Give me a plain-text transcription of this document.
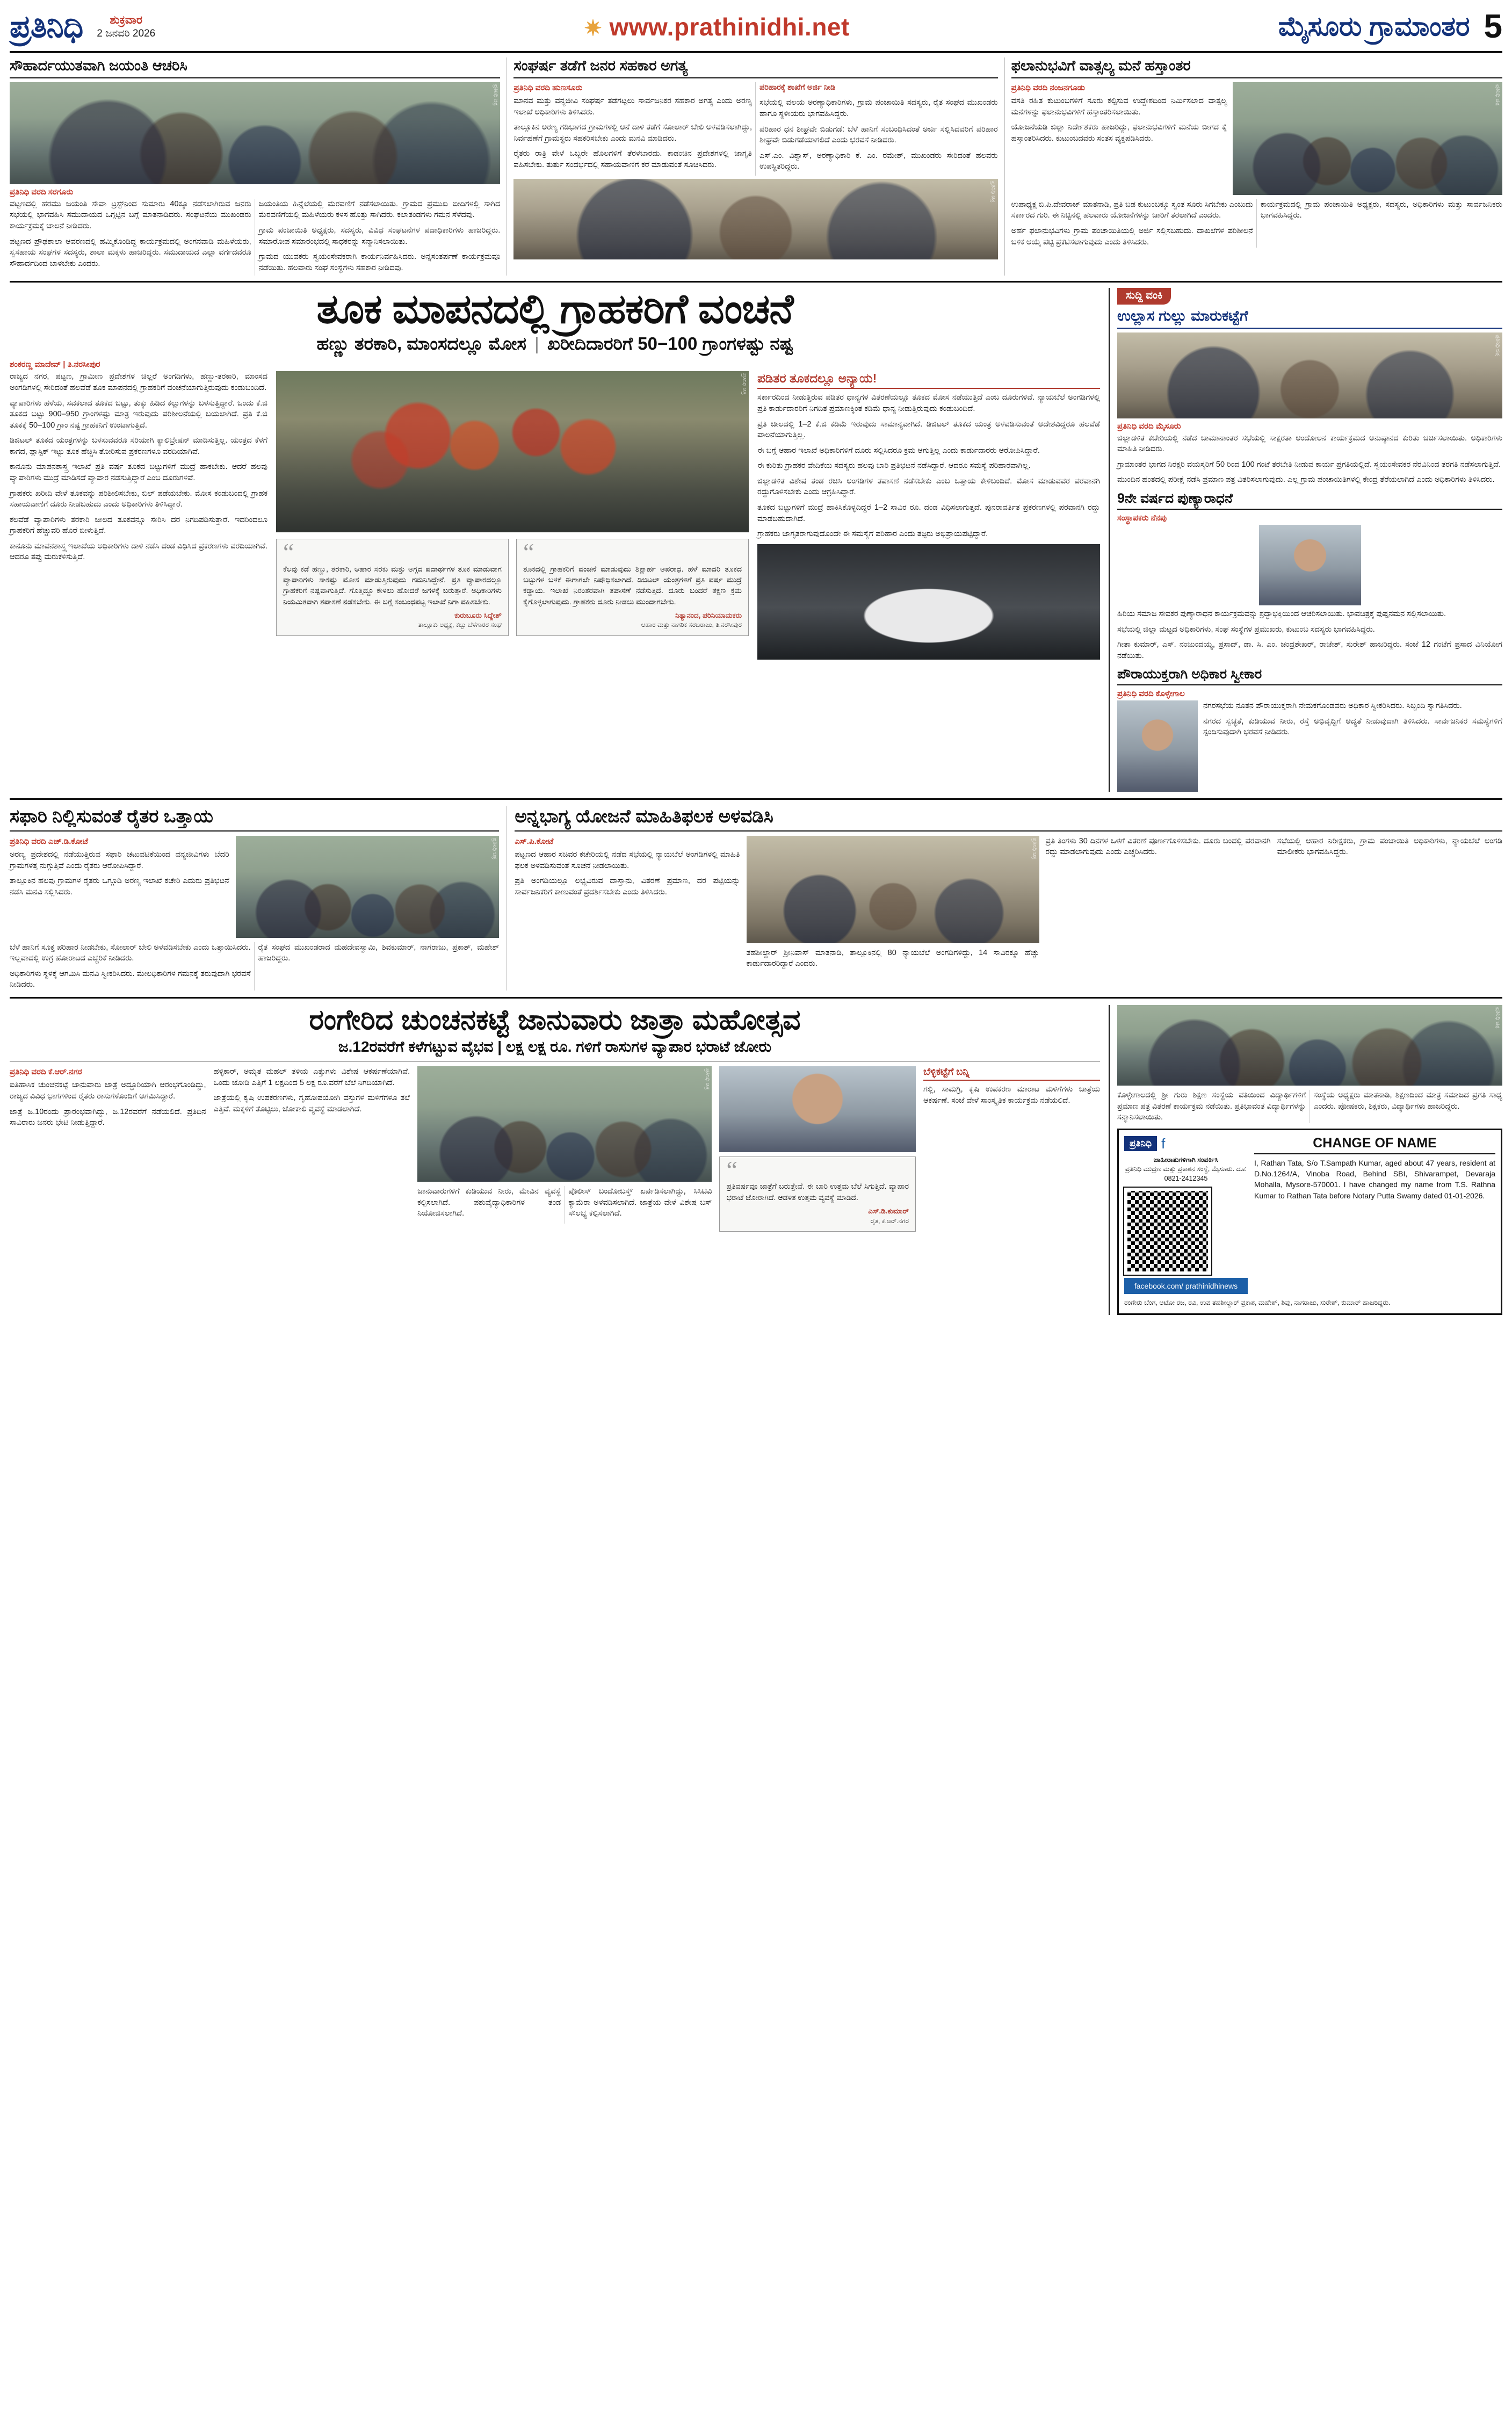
ಪ್ರತಿನಿಧಿ	ಶುಕ್ರವಾರ
2 ಜನವರಿ 2026	✷ www.prathinidhi.net	ಮೈಸೂರು ಗ್ರಾಮಾಂತರ 5
ಸೌಹಾರ್ದಯುತವಾಗಿ ಜಯಂತಿ ಆಚರಿಸಿ
ಪ್ರತಿನಿಧಿ ಚಿತ್ರ
ಪ್ರತಿನಿಧಿ ವರದಿ ಸರಗೂರು

ಪಟ್ಟಣದಲ್ಲಿ ಹರಮು ಜಯಂತಿ ಸೇವಾ ಟ್ರಸ್ಟ್‌ನಿಂದ ಸುಮಾರು 40ಕ್ಕೂ ನಡೆಸಲಾಗಿರುವ ಜನರು ಸಭೆಯಲ್ಲಿ ಭಾಗವಹಿಸಿ ಸಮುದಾಯದ ಒಗ್ಗಟ್ಟಿನ ಬಗ್ಗೆ ಮಾತನಾಡಿದರು. ಸಂಘಟನೆಯ ಮುಖಂಡರು ಕಾರ್ಯಕ್ರಮಕ್ಕೆ ಚಾಲನೆ ನೀಡಿದರು.

ಪಟ್ಟಣದ ಪ್ರೌಢಶಾಲಾ ಆವರಣದಲ್ಲಿ ಹಮ್ಮಿಕೊಂಡಿದ್ದ ಕಾರ್ಯಕ್ರಮದಲ್ಲಿ ಅಂಗನವಾಡಿ ಮಹಿಳೆಯರು, ಸ್ವಸಹಾಯ ಸಂಘಗಳ ಸದಸ್ಯರು, ಶಾಲಾ ಮಕ್ಕಳು ಹಾಜರಿದ್ದರು. ಸಮುದಾಯದ ಎಲ್ಲಾ ವರ್ಗದವರೂ ಸೌಹಾರ್ದದಿಂದ ಬಾಳಬೇಕು ಎಂದರು.

ಜಯಂತಿಯ ಹಿನ್ನೆಲೆಯಲ್ಲಿ ಮೆರವಣಿಗೆ ನಡೆಸಲಾಯಿತು. ಗ್ರಾಮದ ಪ್ರಮುಖ ಬೀದಿಗಳಲ್ಲಿ ಸಾಗಿದ ಮೆರವಣಿಗೆಯಲ್ಲಿ ಮಹಿಳೆಯರು ಕಳಸ ಹೊತ್ತು ಸಾಗಿದರು. ಕಲಾತಂಡಗಳು ಗಮನ ಸೆಳೆದವು.

ಗ್ರಾಮ ಪಂಚಾಯಿತಿ ಅಧ್ಯಕ್ಷರು, ಸದಸ್ಯರು, ವಿವಿಧ ಸಂಘಟನೆಗಳ ಪದಾಧಿಕಾರಿಗಳು ಹಾಜರಿದ್ದರು. ಸಮಾರೋಪ ಸಮಾರಂಭದಲ್ಲಿ ಸಾಧಕರನ್ನು ಸನ್ಮಾನಿಸಲಾಯಿತು.

ಗ್ರಾಮದ ಯುವಕರು ಸ್ವಯಂಸೇವಕರಾಗಿ ಕಾರ್ಯನಿರ್ವಹಿಸಿದರು. ಅನ್ನಸಂತರ್ಪಣೆ ಕಾರ್ಯಕ್ರಮವೂ ನಡೆಯಿತು. ಹಲವಾರು ಸಂಘ ಸಂಸ್ಥೆಗಳು ಸಹಕಾರ ನೀಡಿದವು.

ಸಂಘರ್ಷ ತಡೆಗೆ ಜನರ ಸಹಕಾರ ಅಗತ್ಯ
ಪ್ರತಿನಿಧಿ ವರದಿ ಹುಣಸೂರು

ಮಾನವ ಮತ್ತು ವನ್ಯಜೀವಿ ಸಂಘರ್ಷ ತಡೆಗಟ್ಟಲು ಸಾರ್ವಜನಿಕರ ಸಹಕಾರ ಅಗತ್ಯ ಎಂದು ಅರಣ್ಯ ಇಲಾಖೆ ಅಧಿಕಾರಿಗಳು ತಿಳಿಸಿದರು.

ತಾಲ್ಲೂಕಿನ ಅರಣ್ಯ ಗಡಿಭಾಗದ ಗ್ರಾಮಗಳಲ್ಲಿ ಆನೆ ದಾಳಿ ತಡೆಗೆ ಸೋಲಾರ್ ಬೇಲಿ ಅಳವಡಿಸಲಾಗಿದ್ದು, ನಿರ್ವಹಣೆಗೆ ಗ್ರಾಮಸ್ಥರು ಸಹಕರಿಸಬೇಕು ಎಂದು ಮನವಿ ಮಾಡಿದರು.

ರೈತರು ರಾತ್ರಿ ವೇಳೆ ಒಬ್ಬರೇ ಹೊಲಗಳಿಗೆ ತೆರಳಬಾರದು. ಕಾಡಂಚಿನ ಪ್ರದೇಶಗಳಲ್ಲಿ ಜಾಗೃತಿ ವಹಿಸಬೇಕು. ತುರ್ತು ಸಂದರ್ಭದಲ್ಲಿ ಸಹಾಯವಾಣಿಗೆ ಕರೆ ಮಾಡುವಂತೆ ಸೂಚಿಸಿದರು.

ಪರಿಹಾರಕ್ಕೆ ಶಾಖೆಗೆ ಅರ್ಜಿ ನೀಡಿ

ಸಭೆಯಲ್ಲಿ ವಲಯ ಅರಣ್ಯಾಧಿಕಾರಿಗಳು, ಗ್ರಾಮ ಪಂಚಾಯಿತಿ ಸದಸ್ಯರು, ರೈತ ಸಂಘದ ಮುಖಂಡರು ಹಾಗೂ ಸ್ಥಳೀಯರು ಭಾಗವಹಿಸಿದ್ದರು.

ಪರಿಹಾರ ಧನ ಶೀಘ್ರವೇ ಬಿಡುಗಡೆ: ಬೆಳೆ ಹಾನಿಗೆ ಸಂಬಂಧಿಸಿದಂತೆ ಅರ್ಜಿ ಸಲ್ಲಿಸಿದವರಿಗೆ ಪರಿಹಾರ ಶೀಘ್ರವೇ ಬಿಡುಗಡೆಯಾಗಲಿದೆ ಎಂದು ಭರವಸೆ ನೀಡಿದರು.

ಎಸ್.ಎಂ. ವಿಶ್ವಾಸ್, ಅರಣ್ಯಾಧಿಕಾರಿ ಕೆ. ಎಂ. ರಮೇಶ್, ಮುಖಂಡರು ಸೇರಿದಂತೆ ಹಲವರು ಉಪಸ್ಥಿತರಿದ್ದರು.

ಪ್ರತಿನಿಧಿ ಚಿತ್ರ
ಫಲಾನುಭವಿಗೆ ವಾತ್ಸಲ್ಯ ಮನೆ ಹಸ್ತಾಂತರ
ಪ್ರತಿನಿಧಿ ವರದಿ ನಂಜನಗೂಡು

ವಸತಿ ರಹಿತ ಕುಟುಂಬಗಳಿಗೆ ಸೂರು ಕಲ್ಪಿಸುವ ಉದ್ದೇಶದಿಂದ ನಿರ್ಮಿಸಲಾದ ವಾತ್ಸಲ್ಯ ಮನೆಗಳನ್ನು ಫಲಾನುಭವಿಗಳಿಗೆ ಹಸ್ತಾಂತರಿಸಲಾಯಿತು.

ಯೋಜನೆಯಡಿ ಜಿಲ್ಲಾ ನಿರ್ದೇಶಕರು ಹಾಜರಿದ್ದು, ಫಲಾನುಭವಿಗಳಿಗೆ ಮನೆಯ ಬೀಗದ ಕೈ ಹಸ್ತಾಂತರಿಸಿದರು. ಕುಟುಂಬದವರು ಸಂತಸ ವ್ಯಕ್ತಪಡಿಸಿದರು.

ಪ್ರತಿನಿಧಿ ಚಿತ್ರ

ಉಪಾಧ್ಯಕ್ಷ ಬಿ.ಪಿ.ದೇವರಾಜ್ ಮಾತನಾಡಿ, ಪ್ರತಿ ಬಡ ಕುಟುಂಬಕ್ಕೂ ಸ್ವಂತ ಸೂರು ಸಿಗಬೇಕು ಎಂಬುದು ಸರ್ಕಾರದ ಗುರಿ. ಈ ನಿಟ್ಟಿನಲ್ಲಿ ಹಲವಾರು ಯೋಜನೆಗಳನ್ನು ಜಾರಿಗೆ ತರಲಾಗಿದೆ ಎಂದರು.

ಅರ್ಹ ಫಲಾನುಭವಿಗಳು ಗ್ರಾಮ ಪಂಚಾಯಿತಿಯಲ್ಲಿ ಅರ್ಜಿ ಸಲ್ಲಿಸಬಹುದು. ದಾಖಲೆಗಳ ಪರಿಶೀಲನೆ ಬಳಿಕ ಆಯ್ಕೆ ಪಟ್ಟಿ ಪ್ರಕಟಿಸಲಾಗುವುದು ಎಂದು ತಿಳಿಸಿದರು.

ಕಾರ್ಯಕ್ರಮದಲ್ಲಿ ಗ್ರಾಮ ಪಂಚಾಯಿತಿ ಅಧ್ಯಕ್ಷರು, ಸದಸ್ಯರು, ಅಧಿಕಾರಿಗಳು ಮತ್ತು ಸಾರ್ವಜನಿಕರು ಭಾಗವಹಿಸಿದ್ದರು.

ತೂಕ ಮಾಪನದಲ್ಲಿ ಗ್ರಾಹಕರಿಗೆ ವಂಚನೆ
ಹಣ್ಣು ತರಕಾರಿ, ಮಾಂಸದಲ್ಲೂ ಮೋಸ | ಖರೀದಿದಾರರಿಗೆ 50−100 ಗ್ರಾಂಗಳಷ್ಟು ನಷ್ಟ
ಶಂಕರಣ್ಣ ಮಾದೇವ್ | ತಿ.ನರಸೀಪುರ

ರಾಜ್ಯದ ನಗರ, ಪಟ್ಟಣ, ಗ್ರಾಮೀಣ ಪ್ರದೇಶಗಳ ಚಿಲ್ಲರೆ ಅಂಗಡಿಗಳು, ಹಣ್ಣು-ತರಕಾರಿ, ಮಾಂಸದ ಅಂಗಡಿಗಳಲ್ಲಿ ಸೇರಿದಂತೆ ಹಲವೆಡೆ ತೂಕ ಮಾಪನದಲ್ಲಿ ಗ್ರಾಹಕರಿಗೆ ವಂಚನೆಯಾಗುತ್ತಿರುವುದು ಕಂಡುಬಂದಿದೆ.

ವ್ಯಾಪಾರಿಗಳು ಹಳೆಯ, ಸವಕಲಾದ ತೂಕದ ಬಟ್ಟು, ತುಕ್ಕು ಹಿಡಿದ ಕಲ್ಲುಗಳನ್ನು ಬಳಸುತ್ತಿದ್ದಾರೆ. ಒಂದು ಕೆ.ಜಿ ತೂಕದ ಬಟ್ಟು 900–950 ಗ್ರಾಂಗಳಷ್ಟು ಮಾತ್ರ ಇರುವುದು ಪರಿಶೀಲನೆಯಲ್ಲಿ ಬಯಲಾಗಿದೆ. ಪ್ರತಿ ಕೆ.ಜಿ ತೂಕಕ್ಕೆ 50–100 ಗ್ರಾಂ ನಷ್ಟ ಗ್ರಾಹಕನಿಗೆ ಉಂಟಾಗುತ್ತಿದೆ.

ಡಿಜಿಟಲ್ ತೂಕದ ಯಂತ್ರಗಳನ್ನು ಬಳಸುವವರೂ ಸರಿಯಾಗಿ ಕ್ಯಾಲಿಬ್ರೇಷನ್ ಮಾಡಿಸುತ್ತಿಲ್ಲ. ಯಂತ್ರದ ಕೆಳಗೆ ಕಾಗದ, ಪ್ಲಾಸ್ಟಿಕ್ ಇಟ್ಟು ತೂಕ ಹೆಚ್ಚಿಸಿ ತೋರಿಸುವ ಪ್ರಕರಣಗಳೂ ವರದಿಯಾಗಿವೆ.

ಕಾನೂನು ಮಾಪನಶಾಸ್ತ್ರ ಇಲಾಖೆ ಪ್ರತಿ ವರ್ಷ ತೂಕದ ಬಟ್ಟುಗಳಿಗೆ ಮುದ್ರೆ ಹಾಕಬೇಕು. ಆದರೆ ಹಲವು ವ್ಯಾಪಾರಿಗಳು ಮುದ್ರೆ ಮಾಡಿಸದೆ ವ್ಯಾಪಾರ ನಡೆಸುತ್ತಿದ್ದಾರೆ ಎಂಬ ದೂರುಗಳಿವೆ.

ಗ್ರಾಹಕರು ಖರೀದಿ ವೇಳೆ ತೂಕವನ್ನು ಪರಿಶೀಲಿಸಬೇಕು, ಬಿಲ್ ಪಡೆಯಬೇಕು. ಮೋಸ ಕಂಡುಬಂದಲ್ಲಿ ಗ್ರಾಹಕ ಸಹಾಯವಾಣಿಗೆ ದೂರು ನೀಡಬಹುದು ಎಂದು ಅಧಿಕಾರಿಗಳು ತಿಳಿಸಿದ್ದಾರೆ.

ಕೆಲವೆಡೆ ವ್ಯಾಪಾರಿಗಳು ತರಕಾರಿ ಚೀಲದ ತೂಕವನ್ನೂ ಸೇರಿಸಿ ದರ ನಿಗದಿಪಡಿಸುತ್ತಾರೆ. ಇದರಿಂದಲೂ ಗ್ರಾಹಕರಿಗೆ ಹೆಚ್ಚುವರಿ ಹೊರೆ ಬೀಳುತ್ತಿದೆ.

ಕಾನೂನು ಮಾಪನಶಾಸ್ತ್ರ ಇಲಾಖೆಯ ಅಧಿಕಾರಿಗಳು ದಾಳಿ ನಡೆಸಿ ದಂಡ ವಿಧಿಸಿದ ಪ್ರಕರಣಗಳು ವರದಿಯಾಗಿವೆ. ಆದರೂ ತಪ್ಪು ಮರುಕಳಿಸುತ್ತಿದೆ.

ಪ್ರತಿನಿಧಿ ಚಿತ್ರ
“
ಕೆಲವು ಕಡೆ ಹಣ್ಣು, ತರಕಾರಿ, ಆಹಾರ ಸರಕು ಮತ್ತು ಅಗ್ಗದ ಪದಾರ್ಥಗಳ ತೂಕ ಮಾಡುವಾಗ ವ್ಯಾಪಾರಿಗಳು ಸಾಕಷ್ಟು ಮೋಸ ಮಾಡುತ್ತಿರುವುದು ಗಮನಿಸಿದ್ದೇನೆ. ಪ್ರತಿ ವ್ಯಾಪಾರದಲ್ಲೂ ಗ್ರಾಹಕರಿಗೆ ನಷ್ಟವಾಗುತ್ತಿದೆ. ಗೊತ್ತಿದ್ದೂ ಕೇಳಲು ಹೋದರೆ ಜಗಳಕ್ಕೆ ಬರುತ್ತಾರೆ. ಅಧಿಕಾರಿಗಳು ನಿಯಮಿತವಾಗಿ ತಪಾಸಣೆ ನಡೆಸಬೇಕು. ಈ ಬಗ್ಗೆ ಸಂಬಂಧಪಟ್ಟ ಇಲಾಖೆ ನಿಗಾ ವಹಿಸಬೇಕು.
ಕುರುಬೂರು ಸಿದ್ದೇಶ್
ತಾಲ್ಲೂಕು ಅಧ್ಯಕ್ಷ, ಕಬ್ಬು ಬೆಳೆಗಾರರ ಸಂಘ
“
ತೂಕದಲ್ಲಿ ಗ್ರಾಹಕರಿಗೆ ವಂಚನೆ ಮಾಡುವುದು ಶಿಕ್ಷಾರ್ಹ ಅಪರಾಧ. ಹಳೆ ಮಾದರಿ ತೂಕದ ಬಟ್ಟುಗಳ ಬಳಕೆ ಈಗಾಗಲೇ ನಿಷೇಧಿಸಲಾಗಿದೆ. ಡಿಜಿಟಲ್ ಯಂತ್ರಗಳಿಗೆ ಪ್ರತಿ ವರ್ಷ ಮುದ್ರೆ ಕಡ್ಡಾಯ. ಇಲಾಖೆ ನಿರಂತರವಾಗಿ ತಪಾಸಣೆ ನಡೆಸುತ್ತಿದೆ. ದೂರು ಬಂದರೆ ತಕ್ಷಣ ಕ್ರಮ ಕೈಗೊಳ್ಳಲಾಗುವುದು. ಗ್ರಾಹಕರು ದೂರು ನೀಡಲು ಮುಂದಾಗಬೇಕು.
ನಿತ್ಯಾನಂದ, ಪರಿನಿಯಾಮಕರು
ಆಹಾರ ಮತ್ತು ನಾಗರಿಕ ಸರಬರಾಜು, ತಿ.ನರಸೀಪುರ
ಪಡಿತರ ತೂಕದಲ್ಲೂ ಅನ್ಯಾಯ!

ಸರ್ಕಾರದಿಂದ ನೀಡುತ್ತಿರುವ ಪಡಿತರ ಧಾನ್ಯಗಳ ವಿತರಣೆಯಲ್ಲೂ ತೂಕದ ಮೋಸ ನಡೆಯುತ್ತಿದೆ ಎಂಬ ದೂರುಗಳಿವೆ. ನ್ಯಾಯಬೆಲೆ ಅಂಗಡಿಗಳಲ್ಲಿ ಪ್ರತಿ ಕಾರ್ಡುದಾರರಿಗೆ ನಿಗದಿತ ಪ್ರಮಾಣಕ್ಕಿಂತ ಕಡಿಮೆ ಧಾನ್ಯ ನೀಡುತ್ತಿರುವುದು ಕಂಡುಬಂದಿದೆ.

ಪ್ರತಿ ಚೀಲದಲ್ಲಿ 1–2 ಕೆ.ಜಿ ಕಡಿಮೆ ಇರುವುದು ಸಾಮಾನ್ಯವಾಗಿದೆ. ಡಿಜಿಟಲ್ ತೂಕದ ಯಂತ್ರ ಅಳವಡಿಸುವಂತೆ ಆದೇಶವಿದ್ದರೂ ಹಲವೆಡೆ ಪಾಲನೆಯಾಗುತ್ತಿಲ್ಲ.

ಈ ಬಗ್ಗೆ ಆಹಾರ ಇಲಾಖೆ ಅಧಿಕಾರಿಗಳಿಗೆ ದೂರು ಸಲ್ಲಿಸಿದರೂ ಕ್ರಮ ಆಗುತ್ತಿಲ್ಲ ಎಂದು ಕಾರ್ಡುದಾರರು ಆರೋಪಿಸಿದ್ದಾರೆ.

ಈ ಕುರಿತು ಗ್ರಾಹಕರ ವೇದಿಕೆಯ ಸದಸ್ಯರು ಹಲವು ಬಾರಿ ಪ್ರತಿಭಟನೆ ನಡೆಸಿದ್ದಾರೆ. ಆದರೂ ಸಮಸ್ಯೆ ಪರಿಹಾರವಾಗಿಲ್ಲ.

ಜಿಲ್ಲಾಡಳಿತ ವಿಶೇಷ ತಂಡ ರಚಿಸಿ ಅಂಗಡಿಗಳ ತಪಾಸಣೆ ನಡೆಸಬೇಕು ಎಂಬ ಒತ್ತಾಯ ಕೇಳಿಬಂದಿದೆ. ಮೋಸ ಮಾಡುವವರ ಪರವಾನಗಿ ರದ್ದುಗೊಳಿಸಬೇಕು ಎಂದು ಆಗ್ರಹಿಸಿದ್ದಾರೆ.

ತೂಕದ ಬಟ್ಟುಗಳಿಗೆ ಮುದ್ರೆ ಹಾಕಿಸಿಕೊಳ್ಳದಿದ್ದರೆ 1–2 ಸಾವಿರ ರೂ. ದಂಡ ವಿಧಿಸಲಾಗುತ್ತದೆ. ಪುನರಾವರ್ತಿತ ಪ್ರಕರಣಗಳಲ್ಲಿ ಪರವಾನಗಿ ರದ್ದು ಮಾಡಬಹುದಾಗಿದೆ.

ಗ್ರಾಹಕರು ಜಾಗೃತರಾಗುವುದೊಂದೇ ಈ ಸಮಸ್ಯೆಗೆ ಪರಿಹಾರ ಎಂದು ತಜ್ಞರು ಅಭಿಪ್ರಾಯಪಟ್ಟಿದ್ದಾರೆ.

ಸುದ್ದಿ ವಂಕಿ
ಉಲ್ಲಾಸ ಗುಲ್ಲು ಮಾರುಕಟ್ಟೆಗೆ
ಪ್ರತಿನಿಧಿ ಚಿತ್ರ
ಪ್ರತಿನಿಧಿ ವರದಿ ಮೈಸೂರು

ಜಿಲ್ಲಾಡಳಿತ ಕಚೇರಿಯಲ್ಲಿ ನಡೆದ ಜಾಮಾನಾಂತರ ಸಭೆಯಲ್ಲಿ ಸಾಕ್ಷರತಾ ಆಂದೋಲನ ಕಾರ್ಯಕ್ರಮದ ಅನುಷ್ಠಾನದ ಕುರಿತು ಚರ್ಚಿಸಲಾಯಿತು. ಅಧಿಕಾರಿಗಳು ಮಾಹಿತಿ ನೀಡಿದರು.

ಗ್ರಾಮಾಂತರ ಭಾಗದ ನಿರಕ್ಷರಿ ವಯಸ್ಕರಿಗೆ 50 ರಿಂದ 100 ಗಂಟೆ ತರಬೇತಿ ನೀಡುವ ಕಾರ್ಯ ಪ್ರಗತಿಯಲ್ಲಿದೆ. ಸ್ವಯಂಸೇವಕರ ನೆರವಿನಿಂದ ತರಗತಿ ನಡೆಸಲಾಗುತ್ತಿದೆ.

ಮುಂದಿನ ಹಂತದಲ್ಲಿ ಪರೀಕ್ಷೆ ನಡೆಸಿ ಪ್ರಮಾಣ ಪತ್ರ ವಿತರಿಸಲಾಗುವುದು. ಎಲ್ಲ ಗ್ರಾಮ ಪಂಚಾಯಿತಿಗಳಲ್ಲಿ ಕೇಂದ್ರ ತೆರೆಯಲಾಗಿದೆ ಎಂದು ಅಧಿಕಾರಿಗಳು ತಿಳಿಸಿದರು.

9ನೇ ವರ್ಷದ ಪುಣ್ಯಾರಾಧನೆ
ಸಂಸ್ಥಾಪಕರು ನೆನಪು

ಹಿರಿಯ ಸಮಾಜ ಸೇವಕರ ಪುಣ್ಯಾರಾಧನೆ ಕಾರ್ಯಕ್ರಮವನ್ನು ಶ್ರದ್ಧಾಭಕ್ತಿಯಿಂದ ಆಚರಿಸಲಾಯಿತು. ಭಾವಚಿತ್ರಕ್ಕೆ ಪುಷ್ಪನಮನ ಸಲ್ಲಿಸಲಾಯಿತು.

ಸಭೆಯಲ್ಲಿ ಜಿಲ್ಲಾ ಮಟ್ಟದ ಅಧಿಕಾರಿಗಳು, ಸಂಘ ಸಂಸ್ಥೆಗಳ ಪ್ರಮುಖರು, ಕುಟುಂಬ ಸದಸ್ಯರು ಭಾಗವಹಿಸಿದ್ದರು.

ಗೀತಾ ಕುಮಾರ್, ಎಸ್. ನಂಜುಂದಯ್ಯ, ಪ್ರಸಾದ್, ಡಾ. ಸಿ. ಎಂ. ಚಂದ್ರಶೇಖರ್, ರಾಜೇಶ್, ಸುರೇಶ್ ಹಾಜರಿದ್ದರು. ಸಂಜೆ 12 ಗಂಟೆಗೆ ಪ್ರಸಾದ ವಿನಿಯೋಗ ನಡೆಯಿತು.

ಪೌರಾಯುಕ್ತರಾಗಿ ಅಧಿಕಾರ ಸ್ವೀಕಾರ
ಪ್ರತಿನಿಧಿ ವರದಿ ಕೊಳ್ಳೇಗಾಲ

ನಗರಸಭೆಯ ನೂತನ ಪೌರಾಯುಕ್ತರಾಗಿ ನೇಮಕಗೊಂಡವರು ಅಧಿಕಾರ ಸ್ವೀಕರಿಸಿದರು. ಸಿಬ್ಬಂದಿ ಸ್ವಾಗತಿಸಿದರು.

ನಗರದ ಸ್ವಚ್ಛತೆ, ಕುಡಿಯುವ ನೀರು, ರಸ್ತೆ ಅಭಿವೃದ್ಧಿಗೆ ಆದ್ಯತೆ ನೀಡುವುದಾಗಿ ತಿಳಿಸಿದರು. ಸಾರ್ವಜನಿಕರ ಸಮಸ್ಯೆಗಳಿಗೆ ಸ್ಪಂದಿಸುವುದಾಗಿ ಭರವಸೆ ನೀಡಿದರು.

ಸಫಾರಿ ನಿಲ್ಲಿಸುವಂತೆ ರೈತರ ಒತ್ತಾಯ
ಪ್ರತಿನಿಧಿ ವರದಿ ಎಚ್.ಡಿ.ಕೋಟೆ

ಅರಣ್ಯ ಪ್ರದೇಶದಲ್ಲಿ ನಡೆಯುತ್ತಿರುವ ಸಫಾರಿ ಚಟುವಟಿಕೆಯಿಂದ ವನ್ಯಜೀವಿಗಳು ಬೆದರಿ ಗ್ರಾಮಗಳತ್ತ ನುಗ್ಗುತ್ತಿವೆ ಎಂದು ರೈತರು ಆರೋಪಿಸಿದ್ದಾರೆ.

ತಾಲ್ಲೂಕಿನ ಹಲವು ಗ್ರಾಮಗಳ ರೈತರು ಒಗ್ಗೂಡಿ ಅರಣ್ಯ ಇಲಾಖೆ ಕಚೇರಿ ಎದುರು ಪ್ರತಿಭಟನೆ ನಡೆಸಿ ಮನವಿ ಸಲ್ಲಿಸಿದರು.

ಪ್ರತಿನಿಧಿ ಚಿತ್ರ

ಬೆಳೆ ಹಾನಿಗೆ ಸೂಕ್ತ ಪರಿಹಾರ ನೀಡಬೇಕು, ಸೋಲಾರ್ ಬೇಲಿ ಅಳವಡಿಸಬೇಕು ಎಂದು ಒತ್ತಾಯಿಸಿದರು. ಇಲ್ಲವಾದಲ್ಲಿ ಉಗ್ರ ಹೋರಾಟದ ಎಚ್ಚರಿಕೆ ನೀಡಿದರು.

ಅಧಿಕಾರಿಗಳು ಸ್ಥಳಕ್ಕೆ ಆಗಮಿಸಿ ಮನವಿ ಸ್ವೀಕರಿಸಿದರು. ಮೇಲಧಿಕಾರಿಗಳ ಗಮನಕ್ಕೆ ತರುವುದಾಗಿ ಭರವಸೆ ನೀಡಿದರು.

ರೈತ ಸಂಘದ ಮುಖಂಡರಾದ ಮಹದೇವಸ್ವಾಮಿ, ಶಿವಕುಮಾರ್, ನಾಗರಾಜು, ಪ್ರಕಾಶ್, ಮಹೇಶ್ ಹಾಜರಿದ್ದರು.

ಅನ್ನಭಾಗ್ಯ ಯೋಜನೆ ಮಾಹಿತಿಫಲಕ ಅಳವಡಿಸಿ
ಎಸ್.ಪಿ.ಕೋಟೆ

ಪಟ್ಟಣದ ಆಹಾರ ಸಚಿವರ ಕಚೇರಿಯಲ್ಲಿ ನಡೆದ ಸಭೆಯಲ್ಲಿ ನ್ಯಾಯಬೆಲೆ ಅಂಗಡಿಗಳಲ್ಲಿ ಮಾಹಿತಿ ಫಲಕ ಅಳವಡಿಸುವಂತೆ ಸೂಚನೆ ನೀಡಲಾಯಿತು.

ಪ್ರತಿ ಅಂಗಡಿಯಲ್ಲೂ ಲಭ್ಯವಿರುವ ದಾಸ್ತಾನು, ವಿತರಣೆ ಪ್ರಮಾಣ, ದರ ಪಟ್ಟಿಯನ್ನು ಸಾರ್ವಜನಿಕರಿಗೆ ಕಾಣುವಂತೆ ಪ್ರದರ್ಶಿಸಬೇಕು ಎಂದು ತಿಳಿಸಿದರು.

ಪ್ರತಿನಿಧಿ ಚಿತ್ರ

ತಹಶೀಲ್ದಾರ್ ಶ್ರೀನಿವಾಸ್ ಮಾತನಾಡಿ, ತಾಲ್ಲೂಕಿನಲ್ಲಿ 80 ನ್ಯಾಯಬೆಲೆ ಅಂಗಡಿಗಳಿದ್ದು, 14 ಸಾವಿರಕ್ಕೂ ಹೆಚ್ಚು ಕಾರ್ಡುದಾರರಿದ್ದಾರೆ ಎಂದರು.

ಪ್ರತಿ ತಿಂಗಳು 30 ದಿನಗಳ ಒಳಗೆ ವಿತರಣೆ ಪೂರ್ಣಗೊಳಿಸಬೇಕು. ದೂರು ಬಂದಲ್ಲಿ ಪರವಾನಗಿ ರದ್ದು ಮಾಡಲಾಗುವುದು ಎಂದು ಎಚ್ಚರಿಸಿದರು.

ಸಭೆಯಲ್ಲಿ ಆಹಾರ ನಿರೀಕ್ಷಕರು, ಗ್ರಾಮ ಪಂಚಾಯಿತಿ ಅಧಿಕಾರಿಗಳು, ನ್ಯಾಯಬೆಲೆ ಅಂಗಡಿ ಮಾಲೀಕರು ಭಾಗವಹಿಸಿದ್ದರು.

ರಂಗೇರಿದ ಚುಂಚನಕಟ್ಟೆ ಜಾನುವಾರು ಜಾತ್ರಾ ಮಹೋತ್ಸವ
ಜ.12ರವರೆಗೆ ಕಳೆಗಟ್ಟುವ ವೈಭವ | ಲಕ್ಷ ಲಕ್ಷ ರೂ. ಗಳಿಗೆ ರಾಸುಗಳ ವ್ಯಾಪಾರ ಭರಾಟೆ ಜೋರು
ಪ್ರತಿನಿಧಿ ವರದಿ ಕೆ.ಆರ್.ನಗರ

ಐತಿಹಾಸಿಕ ಚುಂಚನಕಟ್ಟೆ ಜಾನುವಾರು ಜಾತ್ರೆ ಅದ್ಧೂರಿಯಾಗಿ ಆರಂಭಗೊಂಡಿದ್ದು, ರಾಜ್ಯದ ವಿವಿಧ ಭಾಗಗಳಿಂದ ರೈತರು ರಾಸುಗಳೊಂದಿಗೆ ಆಗಮಿಸಿದ್ದಾರೆ.

ಜಾತ್ರೆ ಜ.10ರಂದು ಪ್ರಾರಂಭವಾಗಿದ್ದು, ಜ.12ರವರೆಗೆ ನಡೆಯಲಿದೆ. ಪ್ರತಿದಿನ ಸಾವಿರಾರು ಜನರು ಭೇಟಿ ನೀಡುತ್ತಿದ್ದಾರೆ.

ಹಳ್ಳಿಕಾರ್, ಅಮೃತ ಮಹಲ್ ತಳಿಯ ಎತ್ತುಗಳು ವಿಶೇಷ ಆಕರ್ಷಣೆಯಾಗಿವೆ. ಒಂದು ಜೋಡಿ ಎತ್ತಿಗೆ 1 ಲಕ್ಷದಿಂದ 5 ಲಕ್ಷ ರೂ.ವರೆಗೆ ಬೆಲೆ ನಿಗದಿಯಾಗಿದೆ.

ಜಾತ್ರೆಯಲ್ಲಿ ಕೃಷಿ ಉಪಕರಣಗಳು, ಗೃಹೋಪಯೋಗಿ ವಸ್ತುಗಳ ಮಳಿಗೆಗಳೂ ತಲೆ ಎತ್ತಿವೆ. ಮಕ್ಕಳಿಗೆ ತೊಟ್ಟಿಲು, ಜೋಕಾಲಿ ವ್ಯವಸ್ಥೆ ಮಾಡಲಾಗಿದೆ.

ಪ್ರತಿನಿಧಿ ಚಿತ್ರ

ಜಾನುವಾರುಗಳಿಗೆ ಕುಡಿಯುವ ನೀರು, ಮೇವಿನ ವ್ಯವಸ್ಥೆ ಕಲ್ಪಿಸಲಾಗಿದೆ. ಪಶುವೈದ್ಯಾಧಿಕಾರಿಗಳ ತಂಡ ನಿಯೋಜಿಸಲಾಗಿದೆ.

ಪೊಲೀಸ್ ಬಂದೋಬಸ್ತ್ ಏರ್ಪಡಿಸಲಾಗಿದ್ದು, ಸಿಸಿಟಿವಿ ಕ್ಯಾಮೆರಾ ಅಳವಡಿಸಲಾಗಿದೆ. ಜಾತ್ರೆಯ ವೇಳೆ ವಿಶೇಷ ಬಸ್ ಸೌಲಭ್ಯ ಕಲ್ಪಿಸಲಾಗಿದೆ.

“
ಪ್ರತಿವರ್ಷವೂ ಜಾತ್ರೆಗೆ ಬರುತ್ತೇವೆ. ಈ ಬಾರಿ ಉತ್ತಮ ಬೆಲೆ ಸಿಗುತ್ತಿದೆ. ವ್ಯಾಪಾರ ಭರಾಟೆ ಜೋರಾಗಿದೆ. ಆಡಳಿತ ಉತ್ತಮ ವ್ಯವಸ್ಥೆ ಮಾಡಿದೆ.
ಎಸ್.ಡಿ.ಕುಮಾರ್
ರೈತ, ಕೆ.ಆರ್.ನಗರ
ಬೆಳ್ಳಿಕಟ್ಟೆಗೆ ಬನ್ನಿ
ಗಲ್ಲಿ, ಸಾಮಗ್ರಿ, ಕೃಷಿ ಉಪಕರಣ ಮಾರಾಟ ಮಳಿಗೆಗಳು ಜಾತ್ರೆಯ ಆಕರ್ಷಣೆ. ಸಂಜೆ ವೇಳೆ ಸಾಂಸ್ಕೃತಿಕ ಕಾರ್ಯಕ್ರಮ ನಡೆಯಲಿದೆ.
ಪ್ರತಿನಿಧಿ ಚಿತ್ರ

ಕೊಳ್ಳೇಗಾಲದಲ್ಲಿ ಶ್ರೀ ಗುರು ಶಿಕ್ಷಣ ಸಂಸ್ಥೆಯ ವತಿಯಿಂದ ವಿದ್ಯಾರ್ಥಿಗಳಿಗೆ ಪ್ರಮಾಣ ಪತ್ರ ವಿತರಣೆ ಕಾರ್ಯಕ್ರಮ ನಡೆಯಿತು. ಪ್ರತಿಭಾವಂತ ವಿದ್ಯಾರ್ಥಿಗಳನ್ನು ಸನ್ಮಾನಿಸಲಾಯಿತು.

ಸಂಸ್ಥೆಯ ಅಧ್ಯಕ್ಷರು ಮಾತನಾಡಿ, ಶಿಕ್ಷಣದಿಂದ ಮಾತ್ರ ಸಮಾಜದ ಪ್ರಗತಿ ಸಾಧ್ಯ ಎಂದರು. ಪೋಷಕರು, ಶಿಕ್ಷಕರು, ವಿದ್ಯಾರ್ಥಿಗಳು ಹಾಜರಿದ್ದರು.

ಪ್ರತಿನಿಧಿ f
ಜಾಹೀರಾತುಗಳಿಗಾಗಿ ಸಂಪರ್ಕಿಸಿ
ಪ್ರತಿನಿಧಿ ಮುದ್ರಣ ಮತ್ತು ಪ್ರಕಾಶನ ಸಂಸ್ಥೆ, ಮೈಸೂರು. ದೂ: 0821-2412345
facebook.com/ prathinidhinews
CHANGE OF NAME
I, Rathan Tata, S/o T.Sampath Kumar, aged about 47 years, resident at D.No.1264/A, Vinoba Road, Behind SBI, Shivarampet, Devaraja Mohalla, Mysore-570001. I have changed my name from T.S. Rathna Kumar to Rathan Tata before Notary Putta Swamy dated 01-01-2026.
ರಂಗೇರು ಬೆಂಗ, ಆಟೋ ರಜ, ರವಿ, ಉಪ ತಹಶೀಲ್ದಾರ್ ಪ್ರಕಾಶ, ಮಹೇಶ್, ಶಿವು, ನಾಗರಾಜು, ಸುರೇಶ್, ಕುಮಾರ್ ಹಾಜರಿದ್ದರು.
